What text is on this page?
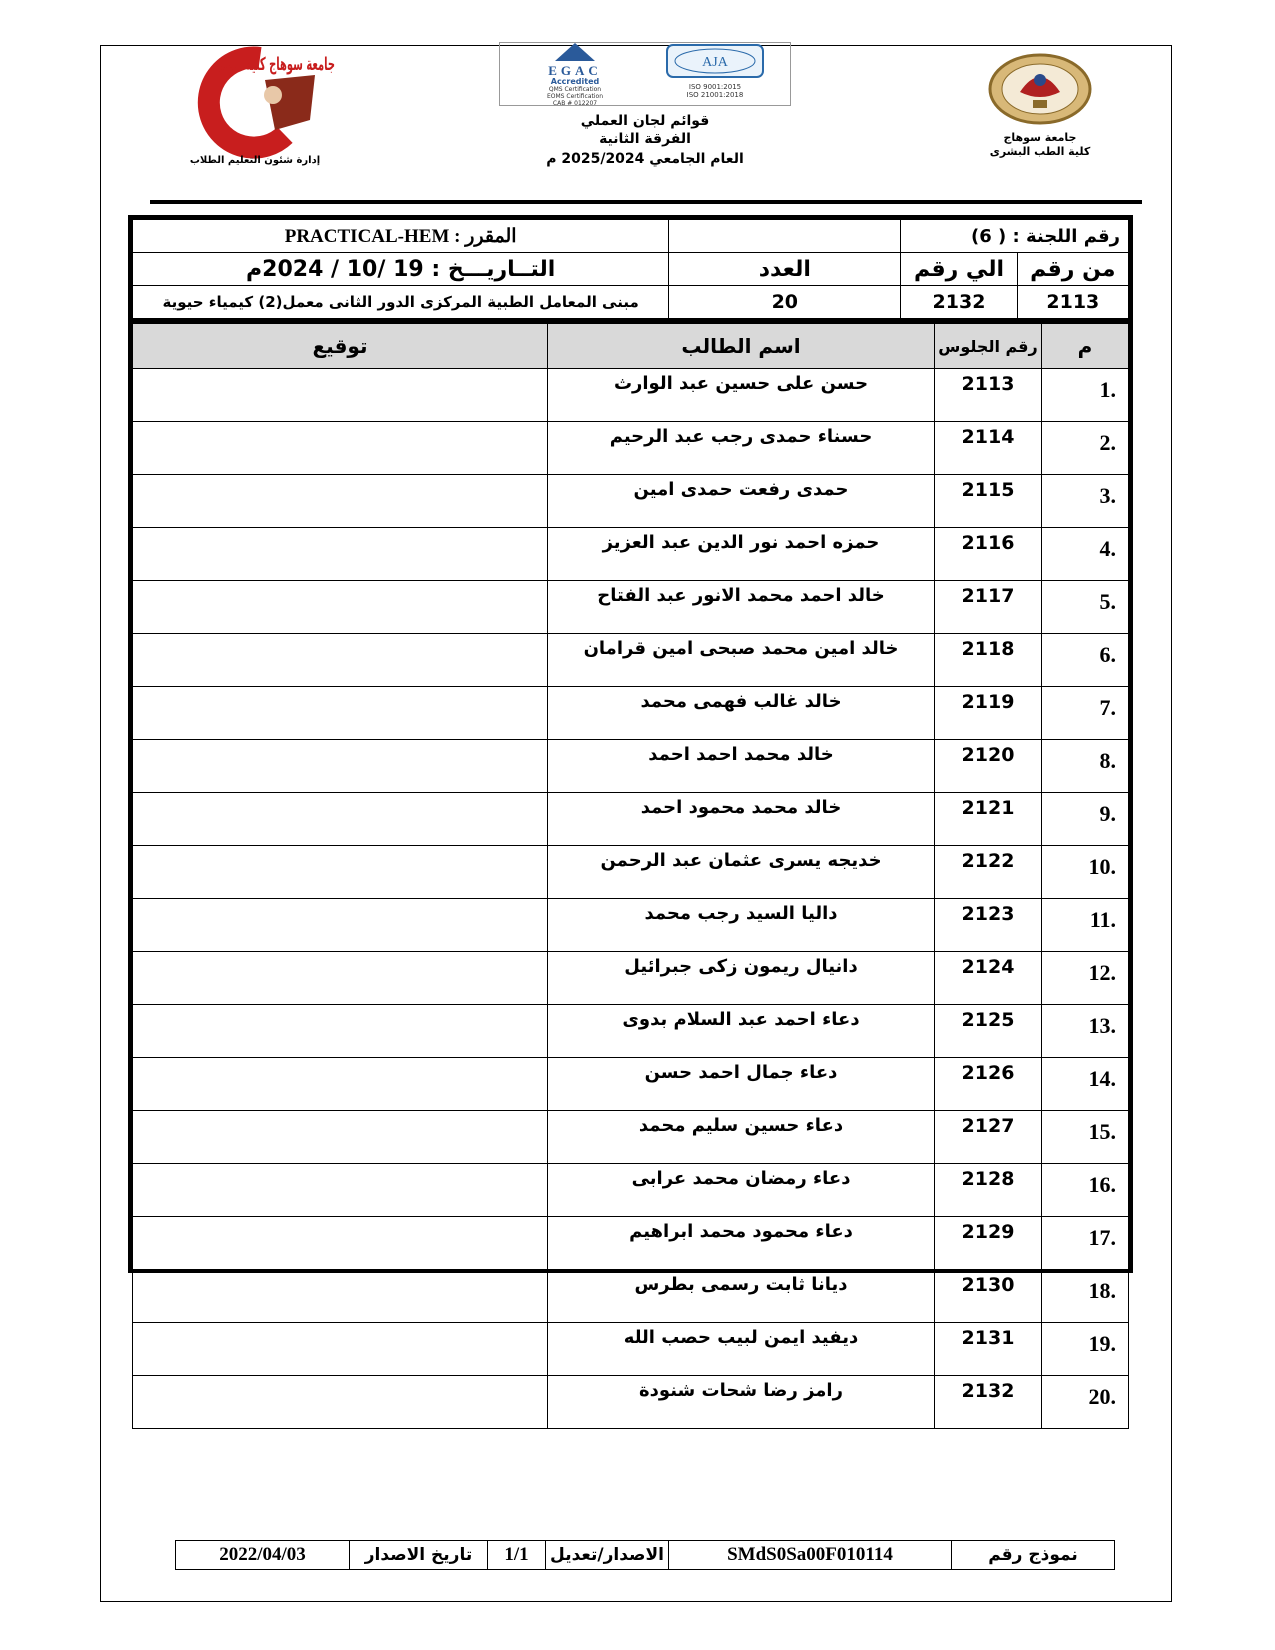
جامعة سوهاج
كلية الطب البشرى
EGAC
Accredited
QMS Certification
EOMS Certification
CAB # 012207
AJA
ISO 9001:2015
ISO 21001:2018
قوائم لجان العملي
الفرقة الثانية
العام الجامعي 2025/2024 م
جامعة سوهاج كلية الطب
إدارة شئون التعليم الطلاب
رقم اللجنة : ( 6)			المقرر : PRACTICAL-HEM
من رقم	الي رقم	العدد	التــاريـــخ : 19 /10 / 2024م
2113	2132	20	مبنى المعامل الطبية المركزى الدور الثانى معمل(2) كيمياء حيوية
م	رقم الجلوس	اسم الطالب	توقيع
.1	2113	حسن على حسين عبد الوارث	
.2	2114	حسناء حمدى رجب عبد الرحيم	
.3	2115	حمدى رفعت حمدى امين	
.4	2116	حمزه احمد نور الدين عبد العزيز	
.5	2117	خالد احمد محمد الانور عبد الفتاح	
.6	2118	خالد امين محمد صبحى امين قرامان	
.7	2119	خالد غالب فهمى محمد	
.8	2120	خالد محمد احمد احمد	
.9	2121	خالد محمد محمود احمد	
.10	2122	خديجه يسرى عثمان عبد الرحمن	
.11	2123	داليا السيد رجب محمد	
.12	2124	دانيال ريمون زكى جبرائيل	
.13	2125	دعاء احمد عبد السلام بدوى	
.14	2126	دعاء جمال احمد حسن	
.15	2127	دعاء حسين سليم محمد	
.16	2128	دعاء رمضان محمد عرابى	
.17	2129	دعاء محمود محمد ابراهيم	
.18	2130	ديانا ثابت رسمى بطرس	
.19	2131	ديفيد ايمن لبيب حصب الله	
.20	2132	رامز رضا شحات شنودة	
نموذج رقم	SMdS0Sa00F010114	الاصدار/تعديل	1/1	تاريخ الاصدار	2022/04/03
